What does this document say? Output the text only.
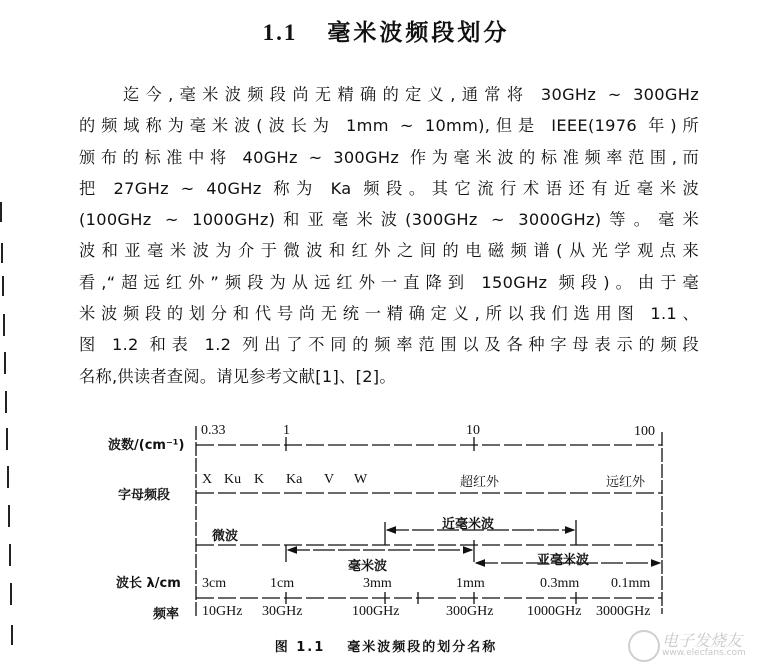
1.1 毫米波频段划分
迄今,毫米波频段尚无精确的定义,通常将 30GHz ~ 300GHz
的频域称为毫米波(波长为 1mm ~ 10mm),但是 IEEE(1976 年)所
颁布的标准中将 40GHz ~ 300GHz 作为毫米波的标准频率范围,而
把 27GHz ~ 40GHz 称为 Ka 频段。其它流行术语还有近毫米波
(100GHz ~ 1000GHz)和亚毫米波(300GHz ~ 3000GHz)等。毫米
波和亚毫米波为介于微波和红外之间的电磁频谱(从光学观点来
看,“超远红外”频段为从远红外一直降到 150GHz 频段)。由于毫
米波频段的划分和代号尚无统一精确定义,所以我们选用图 1.1、
图 1.2 和表 1.2 列出了不同的频率范围以及各种字母表示的频段
名称,供读者查阅。请见参考文献[1]、[2]。
波数/(cm⁻¹)
字母频段
波长 λ/cm
频率
0.33	1	10	100
X Ku K Ka V W	超红外	远红外
微波
近毫米波
毫米波	亚毫米波
3cm	1cm	3mm	1mm	0.3mm 0.1mm
10GHz 30GHz	100GHz	300GHz 1000GHz 3000GHz
图 1.1 毫米波频段的划分名称	电子发烧友
www.elecfans.com
